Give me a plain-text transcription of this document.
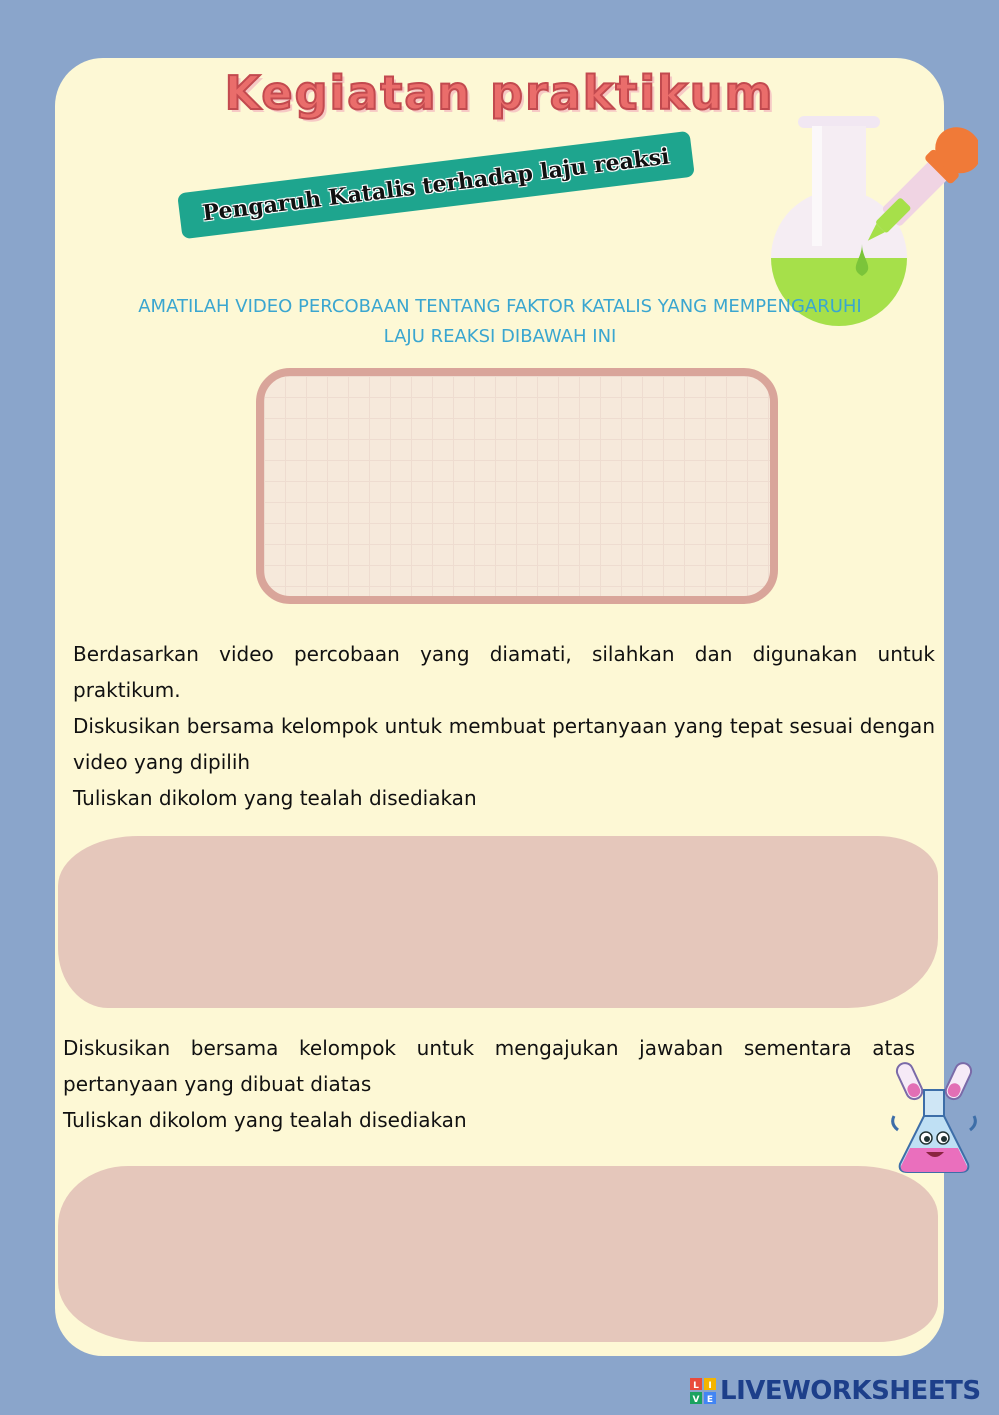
Kegiatan praktikum
Pengaruh Katalis terhadap laju reaksi
AMATILAH VIDEO PERCOBAAN TENTANG FAKTOR KATALIS YANG MEMPENGARUHI
LAJU REAKSI DIBAWAH INI

Berdasarkan video percobaan yang diamati, silahkan dan digunakan untuk praktikum.

Diskusikan bersama kelompok untuk membuat pertanyaan yang tepat sesuai dengan video yang dipilih

Tuliskan dikolom yang tealah disediakan

Diskusikan bersama kelompok untuk mengajukan jawaban sementara atas pertanyaan yang dibuat diatas

Tuliskan dikolom yang tealah disediakan

L I
V E LIVEWORKSHEETS
